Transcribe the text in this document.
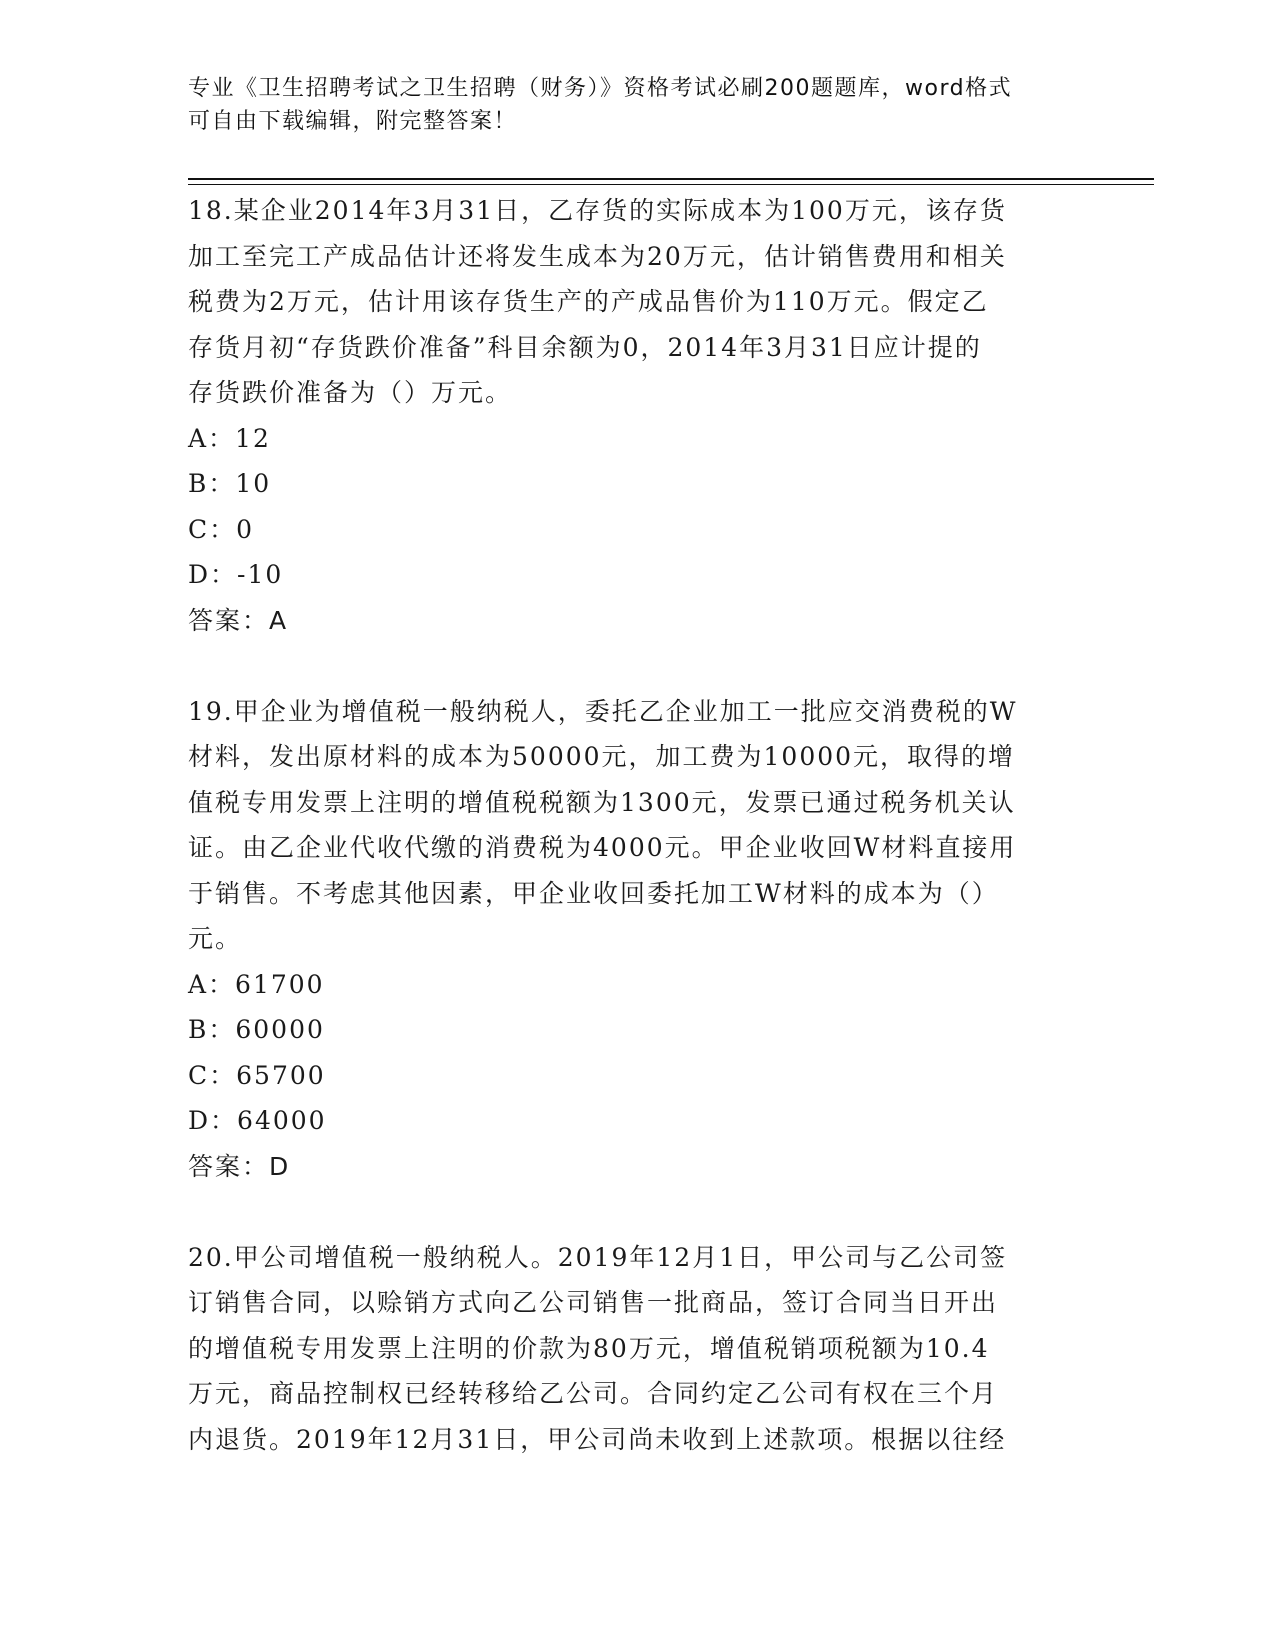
专业《卫生招聘考试之卫生招聘（财务）》资格考试必刷200题题库，word格式
可自由下载编辑，附完整答案！
18.某企业2014年3月31日，乙存货的实际成本为100万元，该存货
加工至完工产成品估计还将发生成本为20万元，估计销售费用和相关
税费为2万元，估计用该存货生产的产成品售价为110万元。假定乙
存货月初“存货跌价准备”科目余额为0，2014年3月31日应计提的
存货跌价准备为（）万元。
A：12
B：10
C：0
D：-10
答案：A
19.甲企业为增值税一般纳税人，委托乙企业加工一批应交消费税的W
材料，发出原材料的成本为50000元，加工费为10000元，取得的增
值税专用发票上注明的增值税税额为1300元，发票已通过税务机关认
证。由乙企业代收代缴的消费税为4000元。甲企业收回W材料直接用
于销售。不考虑其他因素，甲企业收回委托加工W材料的成本为（）
元。
A：61700
B：60000
C：65700
D：64000
答案：D
20.甲公司增值税一般纳税人。2019年12月1日，甲公司与乙公司签
订销售合同，以赊销方式向乙公司销售一批商品，签订合同当日开出
的增值税专用发票上注明的价款为80万元，增值税销项税额为10.4
万元，商品控制权已经转移给乙公司。合同约定乙公司有权在三个月
内退货。2019年12月31日，甲公司尚未收到上述款项。根据以往经
